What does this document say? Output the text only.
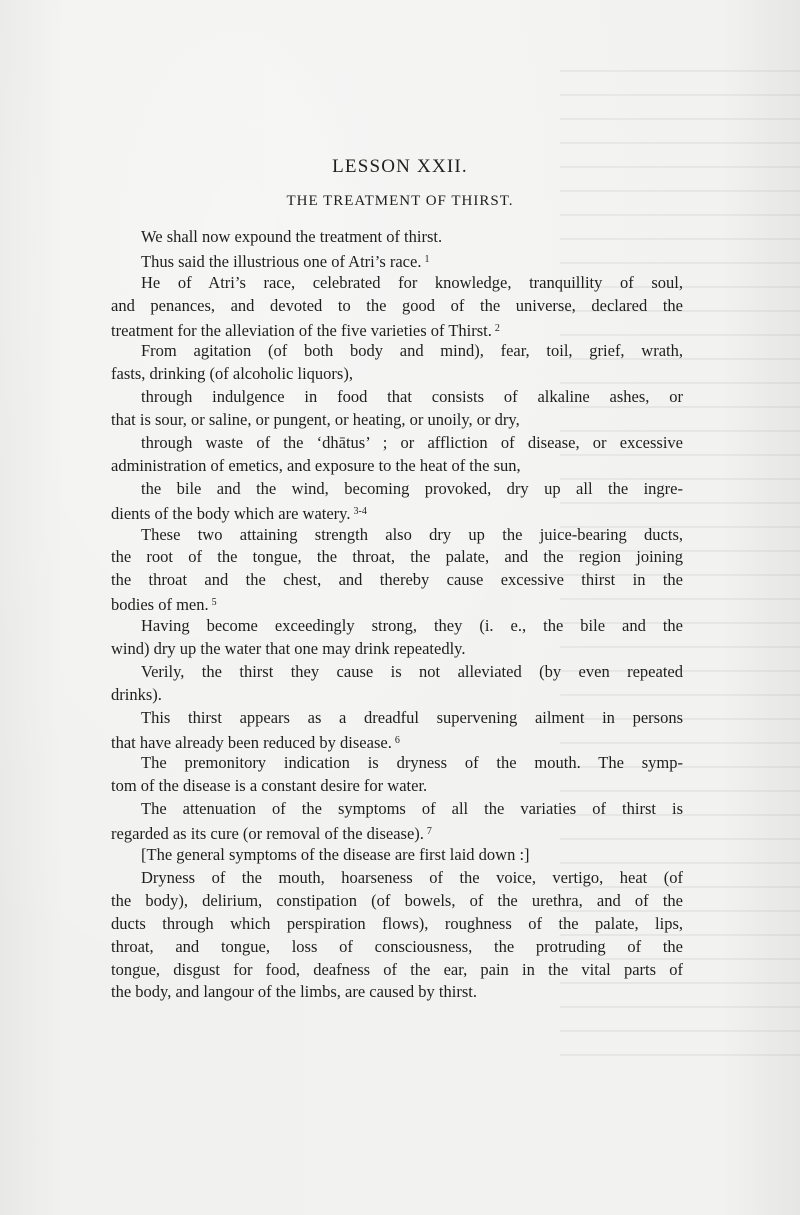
LESSON XXII.
THE TREATMENT OF THIRST.
We shall now expound the treatment of thirst.
Thus said the illustrious one of Atri’s race. $^1$
He of Atri’s race, celebrated for knowledge, tranquillity of soul,
and penances, and devoted to the good of the universe, declared the
treatment for the alleviation of the five varieties of Thirst. $^2$
From agitation (of both body and mind), fear, toil, grief, wrath,
fasts, drinking (of alcoholic liquors),
through indulgence in food that consists of alkaline ashes, or
that is sour, or saline, or pungent, or heating, or unoily, or dry,
through waste of the ‘dhātus’ ; or affliction of disease, or excessive
administration of emetics, and exposure to the heat of the sun,
the bile and the wind, becoming provoked, dry up all the ingre-
dients of the body which are watery. $^{3-4}$
These two attaining strength also dry up the juice-bearing ducts,
the root of the tongue, the throat, the palate, and the region joining
the throat and the chest, and thereby cause excessive thirst in the
bodies of men. $^5$
Having become exceedingly strong, they (i. e., the bile and the
wind) dry up the water that one may drink repeatedly.
Verily, the thirst they cause is not alleviated (by even repeated
drinks).
This thirst appears as a dreadful supervening ailment in persons
that have already been reduced by disease. $^6$
The premonitory indication is dryness of the mouth. The symp-
tom of the disease is a constant desire for water.
The attenuation of the symptoms of all the variaties of thirst is
regarded as its cure (or removal of the disease). $^7$
[The general symptoms of the disease are first laid down :]
Dryness of the mouth, hoarseness of the voice, vertigo, heat (of
the body), delirium, constipation (of bowels, of the urethra, and of the
ducts through which perspiration flows), roughness of the palate, lips,
throat, and tongue, loss of consciousness, the protruding of the
tongue, disgust for food, deafness of the ear, pain in the vital parts of
the body, and langour of the limbs, are caused by thirst.
